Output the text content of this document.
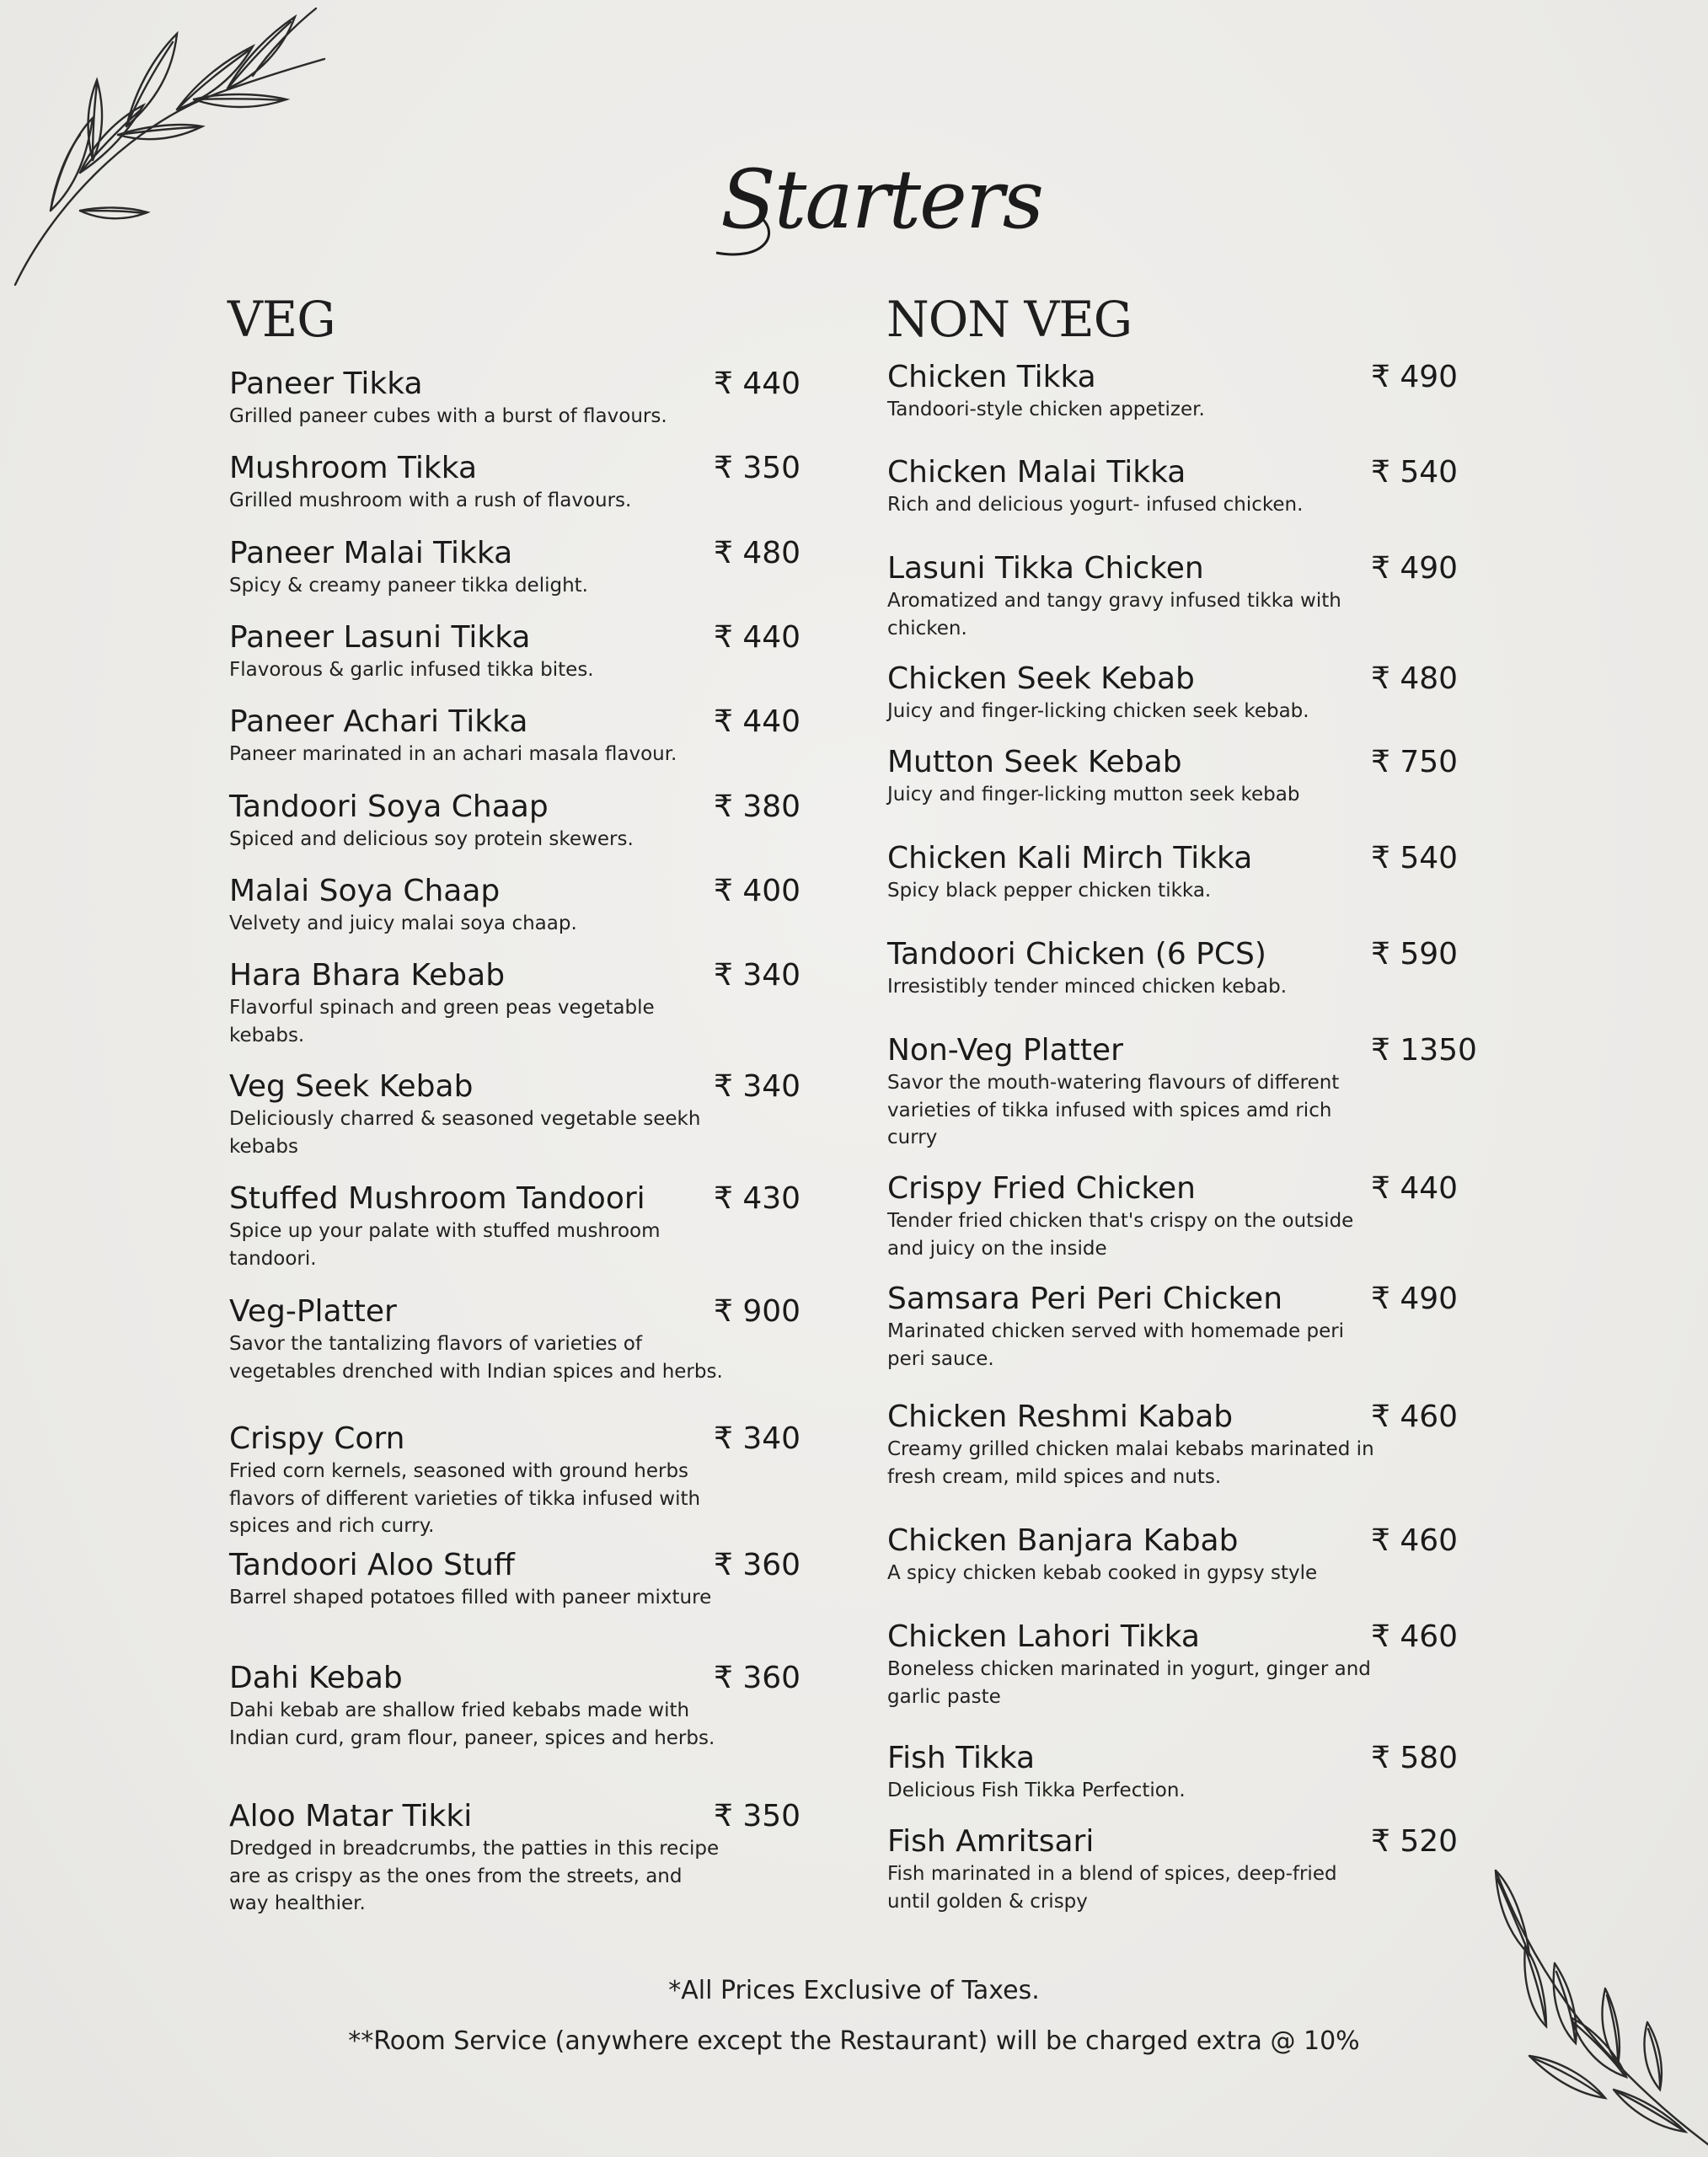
Starters
VEG	NON VEG
Paneer Tikka	₹ 440
Grilled paneer cubes with a burst of flavours.
Mushroom Tikka	₹ 350
Grilled mushroom with a rush of flavours.
Paneer Malai Tikka	₹ 480
Spicy & creamy paneer tikka delight.
Paneer Lasuni Tikka	₹ 440
Flavorous & garlic infused tikka bites.
Paneer Achari Tikka	₹ 440
Paneer marinated in an achari masala flavour.
Tandoori Soya Chaap	₹ 380
Spiced and delicious soy protein skewers.
Malai Soya Chaap	₹ 400
Velvety and juicy malai soya chaap.
Hara Bhara Kebab	₹ 340
Flavorful spinach and green peas vegetable kebabs.
Veg Seek Kebab	₹ 340
Deliciously charred & seasoned vegetable seekh kebabs
Stuffed Mushroom Tandoori ₹ 430
Spice up your palate with stuffed mushroom tandoori.
Veg-Platter	₹ 900
Savor the tantalizing flavors of varieties of vegetables drenched with Indian spices and herbs.
Crispy Corn	₹ 340
Fried corn kernels, seasoned with ground herbs flavors of different varieties of tikka infused with spices and rich curry.
Tandoori Aloo Stuff	₹ 360
Barrel shaped potatoes filled with paneer mixture
Dahi Kebab	₹ 360
Dahi kebab are shallow fried kebabs made with Indian curd, gram flour, paneer, spices and herbs.
Aloo Matar Tikki	₹ 350
Dredged in breadcrumbs, the patties in this recipe are as crispy as the ones from the streets, and way healthier.
Chicken Tikka	₹ 490
Tandoori-style chicken appetizer.
Chicken Malai Tikka	₹ 540
Rich and delicious yogurt- infused chicken.
Lasuni Tikka Chicken	₹ 490
Aromatized and tangy gravy infused tikka with chicken.
Chicken Seek Kebab	₹ 480
Juicy and finger-licking chicken seek kebab.
Mutton Seek Kebab	₹ 750
Juicy and finger-licking mutton seek kebab
Chicken Kali Mirch Tikka	₹ 540
Spicy black pepper chicken tikka.
Tandoori Chicken (6 PCS)	₹ 590
Irresistibly tender minced chicken kebab.
Non-Veg Platter	₹ 1350
Savor the mouth-watering flavours of different varieties of tikka infused with spices amd rich curry
Crispy Fried Chicken	₹ 440
Tender fried chicken that's crispy on the outside and juicy on the inside
Samsara Peri Peri Chicken	₹ 490
Marinated chicken served with homemade peri peri sauce.
Chicken Reshmi Kabab	₹ 460
Creamy grilled chicken malai kebabs marinated in fresh cream, mild spices and nuts.
Chicken Banjara Kabab	₹ 460
A spicy chicken kebab cooked in gypsy style
Chicken Lahori Tikka	₹ 460
Boneless chicken marinated in yogurt, ginger and garlic paste
Fish Tikka	₹ 580
Delicious Fish Tikka Perfection.
Fish Amritsari	₹ 520
Fish marinated in a blend of spices, deep-fried until golden & crispy
*All Prices Exclusive of Taxes.
**Room Service (anywhere except the Restaurant) will be charged extra @ 10%
